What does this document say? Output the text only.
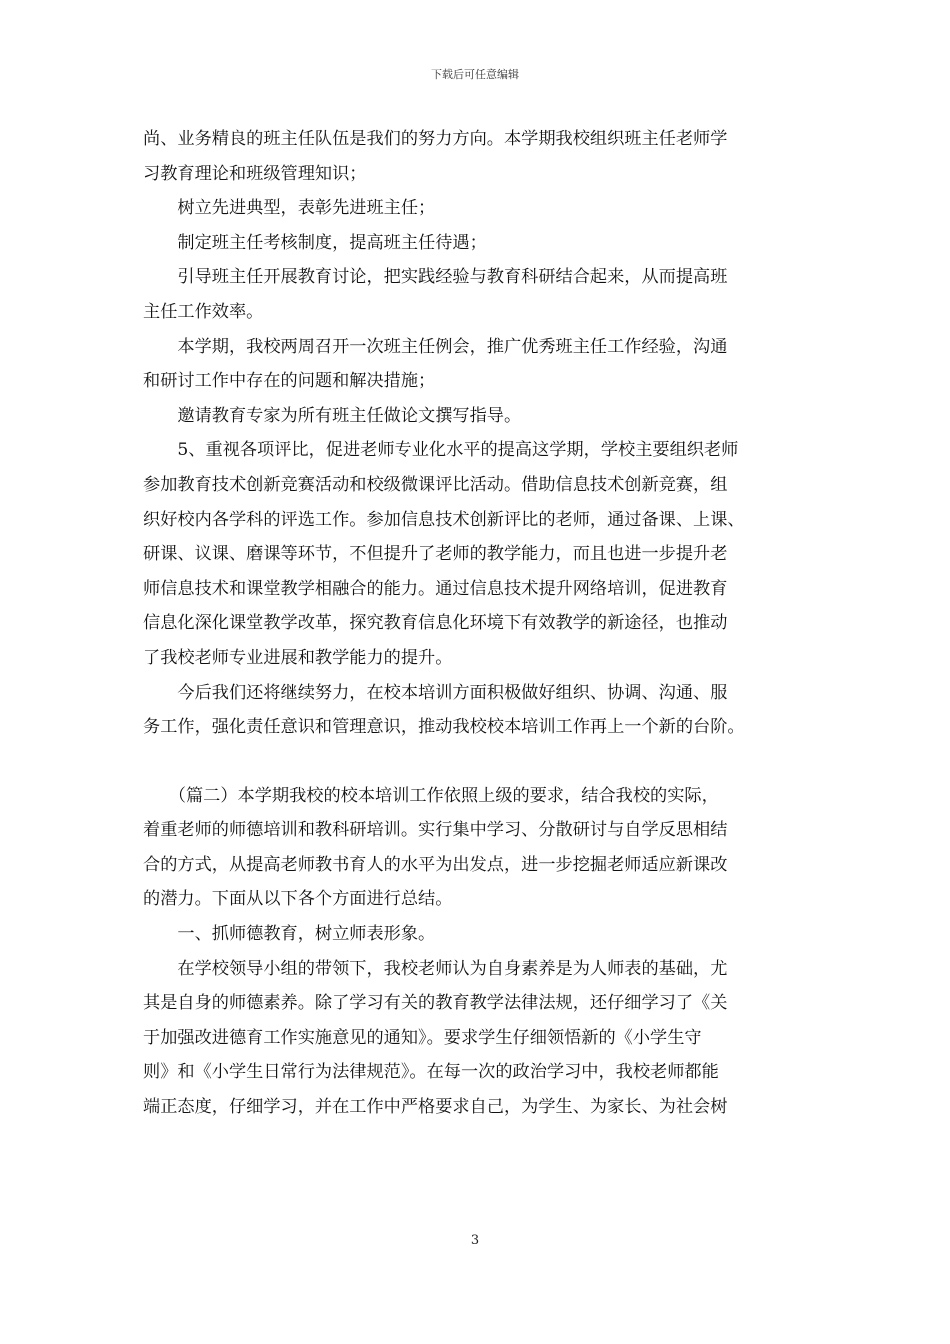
下载后可任意编辑
尚、业务精良的班主任队伍是我们的努力方向。本学期我校组织班主任老师学
习教育理论和班级管理知识；
　　树立先进典型，表彰先进班主任；
　　制定班主任考核制度，提高班主任待遇；
　　引导班主任开展教育讨论，把实践经验与教育科研结合起来，从而提高班
主任工作效率。
　　本学期，我校两周召开一次班主任例会，推广优秀班主任工作经验，沟通
和研讨工作中存在的问题和解决措施；
　　邀请教育专家为所有班主任做论文撰写指导。
　　5、重视各项评比，促进老师专业化水平的提高这学期，学校主要组织老师
参加教育技术创新竞赛活动和校级微课评比活动。借助信息技术创新竞赛，组
织好校内各学科的评选工作。参加信息技术创新评比的老师，通过备课、上课、
研课、议课、磨课等环节，不但提升了老师的教学能力，而且也进一步提升老
师信息技术和课堂教学相融合的能力。通过信息技术提升网络培训，促进教育
信息化深化课堂教学改革，探究教育信息化环境下有效教学的新途径，也推动
了我校老师专业进展和教学能力的提升。
　　今后我们还将继续努力，在校本培训方面积极做好组织、协调、沟通、服
务工作，强化责任意识和管理意识，推动我校校本培训工作再上一个新的台阶。
　　（篇二）本学期我校的校本培训工作依照上级的要求，结合我校的实际，
着重老师的师德培训和教科研培训。实行集中学习、分散研讨与自学反思相结
合的方式，从提高老师教书育人的水平为出发点，进一步挖掘老师适应新课改
的潜力。下面从以下各个方面进行总结。
　　一、抓师德教育，树立师表形象。
　　在学校领导小组的带领下，我校老师认为自身素养是为人师表的基础，尤
其是自身的师德素养。除了学习有关的教育教学法律法规，还仔细学习了《关
于加强改进德育工作实施意见的通知》。要求学生仔细领悟新的《小学生守
则》和《小学生日常行为法律规范》。在每一次的政治学习中，我校老师都能
端正态度，仔细学习，并在工作中严格要求自己，为学生、为家长、为社会树
3
